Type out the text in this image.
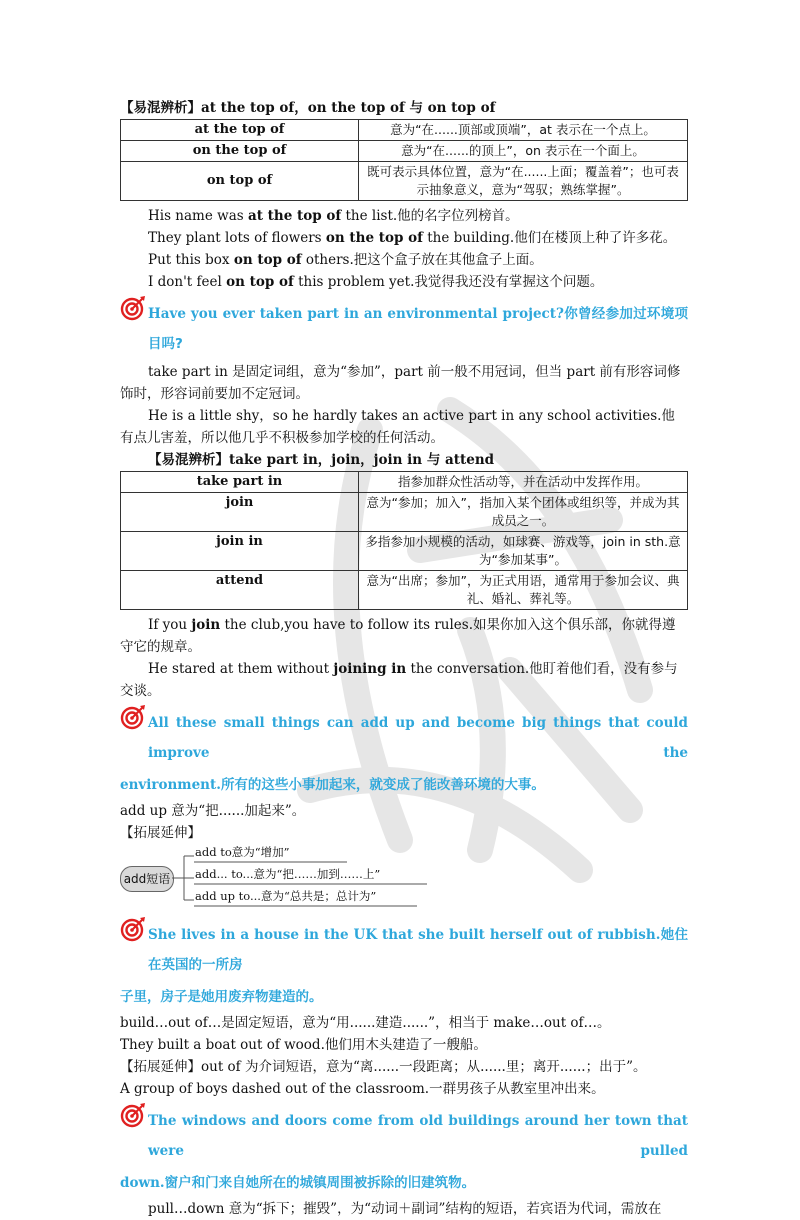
【易混辨析】at the top of，on the top of 与 on top of

at the top of	意为“在......顶部或顶端”，at 表示在一个点上。
on the top of	意为“在......的顶上”，on 表示在一个面上。
on top of	既可表示具体位置，意为“在......上面；覆盖着”；也可表示抽象意义，意为“驾驭；熟练掌握”。

His name was at the top of the list.他的名字位列榜首。

They plant lots of flowers on the top of the building.他们在楼顶上种了许多花。

Put this box on top of others.把这个盒子放在其他盒子上面。

I don't feel on top of this problem yet.我觉得我还没有掌握这个问题。

Have you ever taken part in an environmental project?你曾经参加过环境项目吗?

take part in 是固定词组，意为“参加”，part 前一般不用冠词，但当 part 前有形容词修饰时，形容词前要加不定冠词。

He is a little shy，so he hardly takes an active part in any school activities.他有点儿害羞，所以他几乎不积极参加学校的任何活动。

【易混辨析】take part in，join，join in 与 attend

take part in	指参加群众性活动等，并在活动中发挥作用。
join	意为“参加；加入”，指加入某个团体或组织等，并成为其成员之一。
join in	多指参加小规模的活动，如球赛、游戏等，join in sth.意为“参加某事”。
attend	意为“出席；参加”，为正式用语，通常用于参加会议、典礼、婚礼、葬礼等。

If you join the club,you have to follow its rules.如果你加入这个俱乐部，你就得遵守它的规章。

He stared at them without joining in the conversation.他盯着他们看，没有参与交谈。

All these small things can add up and become big things that could improve the

environment.所有的这些小事加起来，就变成了能改善环境的大事。

add up 意为“把......加起来”。

【拓展延伸】

add短语
add to意为“增加”
add... to...意为“把……加到……上”
add up to...意为“总共是；总计为”
She lives in a house in the UK that she built herself out of rubbish.她住在英国的一所房

子里，房子是她用废弃物建造的。

build…out of…是固定短语，意为“用......建造......”，相当于 make…out of…。

They built a boat out of wood.他们用木头建造了一艘船。

【拓展延伸】out of 为介词短语，意为“离......一段距离；从......里；离开......；出于”。

A group of boys dashed out of the classroom.一群男孩子从教室里冲出来。

The windows and doors come from old buildings around her town that were pulled

down.窗户和门来自她所在的城镇周围被拆除的旧建筑物。

pull…down 意为“拆下；摧毁”，为“动词＋副词”结构的短语，若宾语为代词，需放在
